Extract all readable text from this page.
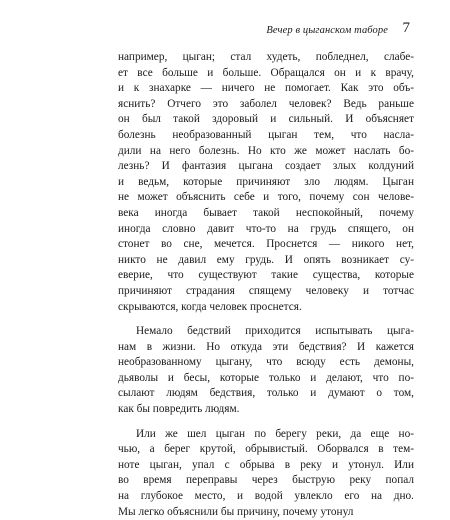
Вечер в цыганском таборе 7
например, цыган; стал худеть, побледнел, слабе-
ет все больше и больше. Обращался он и к врачу,
и к знахарке — ничего не помогает. Как это объ-
яснить? Отчего это заболел человек? Ведь раньше
он был такой здоровый и сильный. И объясняет
болезнь необразованный цыган тем, что насла-
дили на него болезнь. Но кто же может наслать бо-
лезнь? И фантазия цыгана создает злых колдуний
и ведьм, которые причиняют зло людям. Цыган
не может объяснить себе и того, почему сон челове-
века иногда бывает такой неспокойный, почему
иногда словно давит что-то на грудь спящего, он
стонет во сне, мечется. Проснется — никого нет,
никто не давил ему грудь. И опять возникает су-
еверие, что существуют такие существа, которые
причиняют страдания спящему человеку и тотчас
скрываются, когда человек проснется.
Немало бедствий приходится испытывать цыга-
нам в жизни. Но откуда эти бедствия? И кажется
необразованному цыгану, что всюду есть демоны,
дьяволы и бесы, которые только и делают, что по-
сылают людям бедствия, только и думают о том,
как бы повредить людям.
Или же шел цыган по берегу реки, да еще но-
чью, а берег крутой, обрывистый. Оборвался в тем-
ноте цыган, упал с обрыва в реку и утонул. Или
во время переправы через быструю реку попал
на глубокое место, и водой увлекло его на дно.
Мы легко объяснили бы причину, почему утонул
